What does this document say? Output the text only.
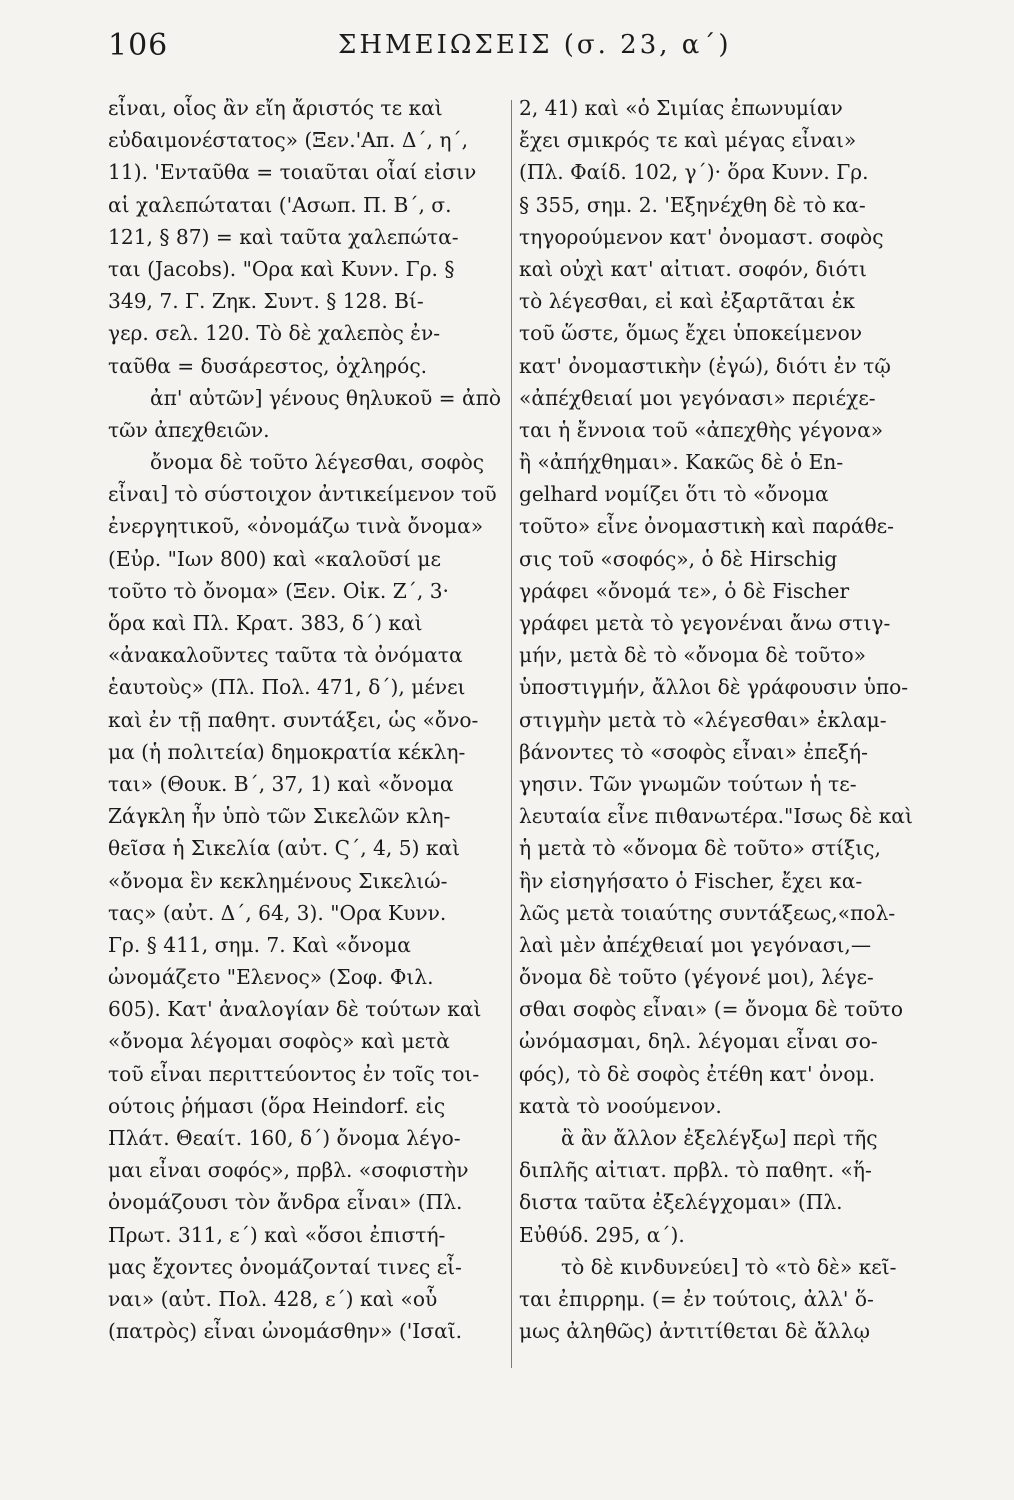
106	ΣΗΜΕΙΩΣΕΙΣ (σ. 23, α΄)
εἶναι, οἷος ἂν εἴη ἄριστός τε καὶ
εὐδαιμονέστατος» (Ξεν.'Απ. Δ΄, η΄,
11). 'Ενταῦθα = τοιαῦται οἷαί εἰσιν
αἱ χαλεπώταται ('Ασωπ. Π. Β΄, σ.
121, § 87) = καὶ ταῦτα χαλεπώτα-
ται (Jacobs). "Ορα καὶ Κυνν. Γρ. §
349, 7. Γ. Ζηκ. Συντ. § 128. Βί-
γερ. σελ. 120. Τὸ δὲ χαλεπὸς ἐν-
ταῦθα = δυσάρεστος, ὀχληρός.
ἀπ' αὐτῶν] γένους θηλυκοῦ = ἀπὸ
τῶν ἀπεχθειῶν.
ὄνομα δὲ τοῦτο λέγεσθαι, σοφὸς
εἶναι] τὸ σύστοιχον ἀντικείμενον τοῦ
ἐνεργητικοῦ, «ὀνομάζω τινὰ ὄνομα»
(Εὐρ. "Ιων 800) καὶ «καλοῦσί με
τοῦτο τὸ ὄνομα» (Ξεν. Οἰκ. Ζ΄, 3·
ὅρα καὶ Πλ. Κρατ. 383, δ΄) καὶ
«ἀνακαλοῦντες ταῦτα τὰ ὀνόματα
ἑαυτοὺς» (Πλ. Πολ. 471, δ΄), μένει
καὶ ἐν τῇ παθητ. συντάξει, ὡς «ὄνο-
μα (ἡ πολιτεία) δημοκρατία κέκλη-
ται» (Θουκ. Β΄, 37, 1) καὶ «ὄνομα
Ζάγκλη ἦν ὑπὸ τῶν Σικελῶν κλη-
θεῖσα ἡ Σικελία (αὐτ. Ϛ΄, 4, 5) καὶ
«ὄνομα ἓν κεκλημένους Σικελιώ-
τας» (αὐτ. Δ΄, 64, 3). "Ορα Κυνν.
Γρ. § 411, σημ. 7. Καὶ «ὄνομα
ὠνομάζετο "Ελενος» (Σοφ. Φιλ.
605). Κατ' ἀναλογίαν δὲ τούτων καὶ
«ὄνομα λέγομαι σοφὸς» καὶ μετὰ
τοῦ εἶναι περιττεύοντος ἐν τοῖς τοι-
ούτοις ῥήμασι (ὅρα Heindorf. εἰς
Πλάτ. Θεαίτ. 160, δ΄) ὄνομα λέγο-
μαι εἶναι σοφός», πρβλ. «σοφιστὴν
ὀνομάζουσι τὸν ἄνδρα εἶναι» (Πλ.
Πρωτ. 311, ε΄) καὶ «ὅσοι ἐπιστή-
μας ἔχοντες ὀνομάζονταί τινες εἶ-
ναι» (αὐτ. Πολ. 428, ε΄) καὶ «οὗ
(πατρὸς) εἶναι ὠνομάσθην» ('Ισαῖ.
2, 41) καὶ «ὁ Σιμίας ἐπωνυμίαν
ἔχει σμικρός τε καὶ μέγας εἶναι»
(Πλ. Φαίδ. 102, γ΄)· ὅρα Κυνν. Γρ.
§ 355, σημ. 2. 'Εξηνέχθη δὲ τὸ κα-
τηγορούμενον κατ' ὀνομαστ. σοφὸς
καὶ οὐχὶ κατ' αἰτιατ. σοφόν, διότι
τὸ λέγεσθαι, εἰ καὶ ἐξαρτᾶται ἐκ
τοῦ ὥστε, ὅμως ἔχει ὑποκείμενον
κατ' ὀνομαστικὴν (ἐγώ), διότι ἐν τῷ
«ἀπέχθειαί μοι γεγόνασι» περιέχε-
ται ἡ ἔννοια τοῦ «ἀπεχθὴς γέγονα»
ἢ «ἀπήχθημαι». Κακῶς δὲ ὁ En-
gelhard νομίζει ὅτι τὸ «ὄνομα
τοῦτο» εἶνε ὀνομαστικὴ καὶ παράθε-
σις τοῦ «σοφός», ὁ δὲ Hirschig
γράφει «ὄνομά τε», ὁ δὲ Fischer
γράφει μετὰ τὸ γεγονέναι ἄνω στιγ-
μήν, μετὰ δὲ τὸ «ὄνομα δὲ τοῦτο»
ὑποστιγμήν, ἄλλοι δὲ γράφουσιν ὑπο-
στιγμὴν μετὰ τὸ «λέγεσθαι» ἐκλαμ-
βάνοντες τὸ «σοφὸς εἶναι» ἐπεξή-
γησιν. Τῶν γνωμῶν τούτων ἡ τε-
λευταία εἶνε πιθανωτέρα."Ισως δὲ καὶ
ἡ μετὰ τὸ «ὄνομα δὲ τοῦτο» στίξις,
ἣν εἰσηγήσατο ὁ Fischer, ἔχει κα-
λῶς μετὰ τοιαύτης συντάξεως,«πολ-
λαὶ μὲν ἀπέχθειαί μοι γεγόνασι,—
ὄνομα δὲ τοῦτο (γέγονέ μοι), λέγε-
σθαι σοφὸς εἶναι» (= ὄνομα δὲ τοῦτο
ὠνόμασμαι, δηλ. λέγομαι εἶναι σο-
φός), τὸ δὲ σοφὸς ἐτέθη κατ' ὀνομ.
κατὰ τὸ νοούμενον.
ἃ ἂν ἄλλον ἐξελέγξω] περὶ τῆς
διπλῆς αἰτιατ. πρβλ. τὸ παθητ. «ἥ-
διστα ταῦτα ἐξελέγχομαι» (Πλ.
Εὐθύδ. 295, α΄).
τὸ δὲ κινδυνεύει] τὸ «τὸ δὲ» κεῖ-
ται ἐπιρρημ. (= ἐν τούτοις, ἀλλ' ὅ-
μως ἀληθῶς) ἀντιτίθεται δὲ ἄλλῳ
